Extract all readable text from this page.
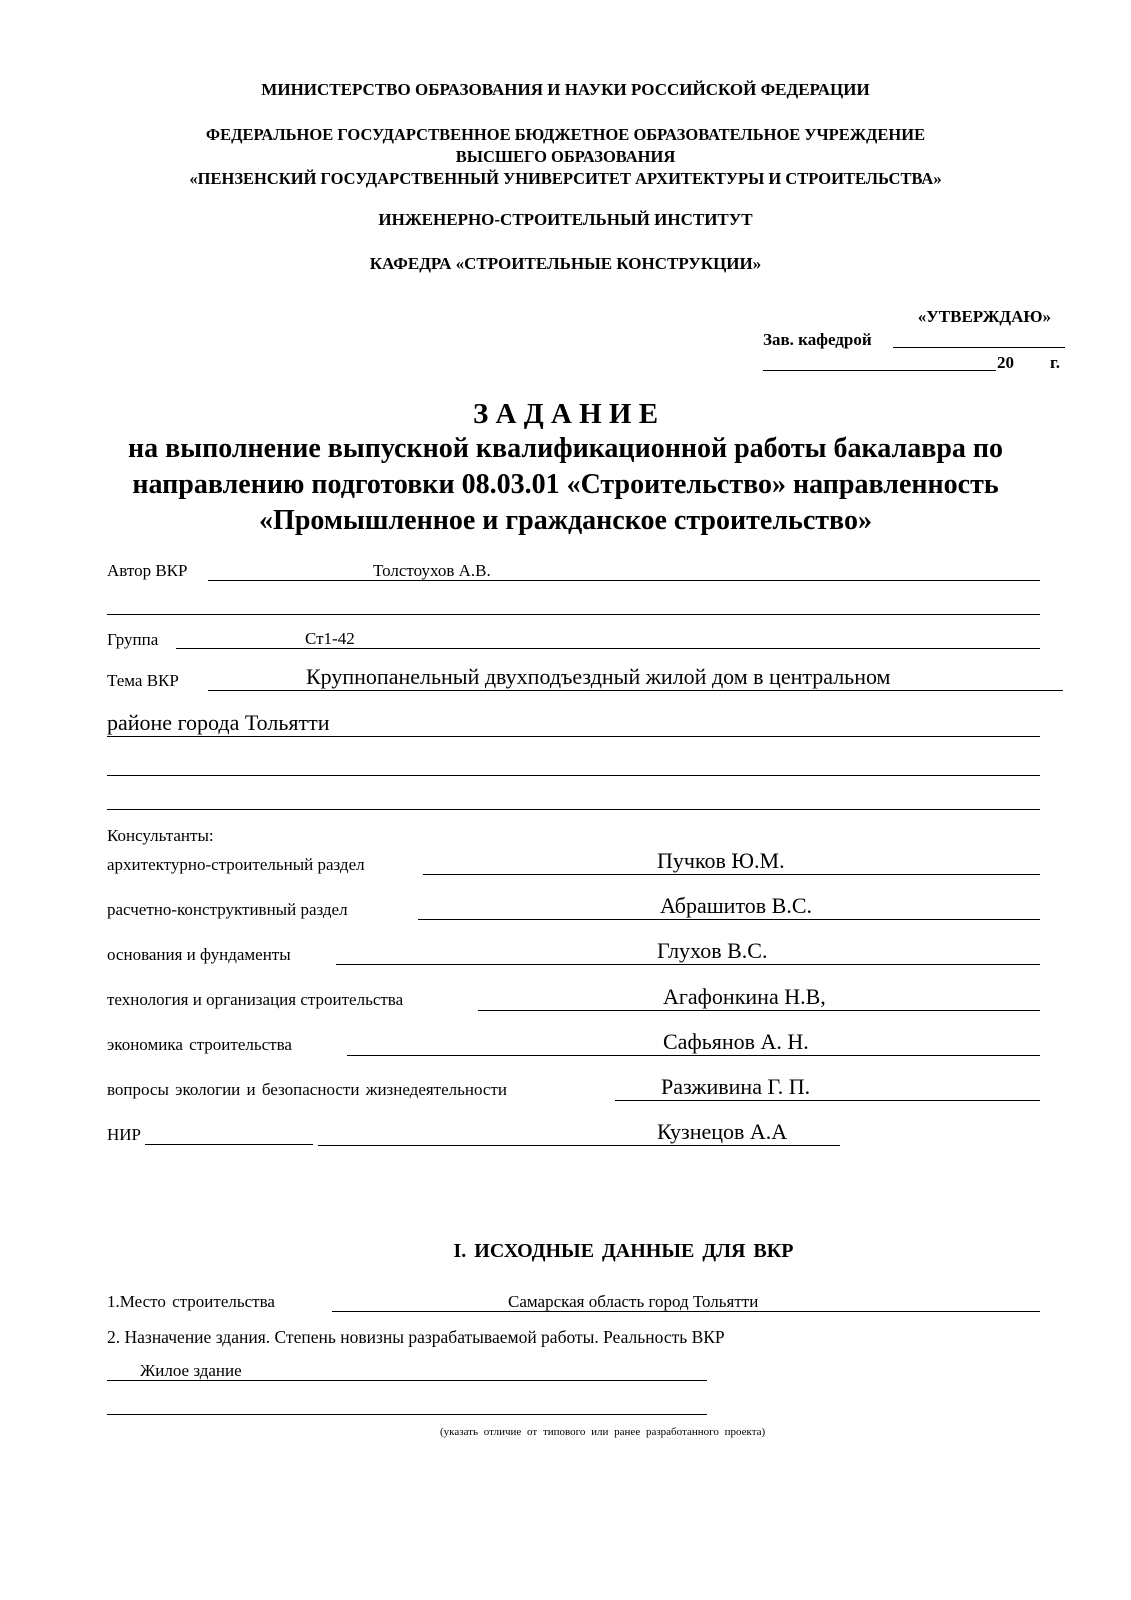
МИНИСТЕРСТВО ОБРАЗОВАНИЯ И НАУКИ РОССИЙСКОЙ ФЕДЕРАЦИИ
ФЕДЕРАЛЬНОЕ ГОСУДАРСТВЕННОЕ БЮДЖЕТНОЕ ОБРАЗОВАТЕЛЬНОЕ УЧРЕЖДЕНИЕ
ВЫСШЕГО ОБРАЗОВАНИЯ
«ПЕНЗЕНСКИЙ ГОСУДАРСТВЕННЫЙ УНИВЕРСИТЕТ АРХИТЕКТУРЫ И СТРОИТЕЛЬСТВА»
ИНЖЕНЕРНО-СТРОИТЕЛЬНЫЙ ИНСТИТУТ
КАФЕДРА «СТРОИТЕЛЬНЫЕ КОНСТРУКЦИИ»
«УТВЕРЖДАЮ»
Зав. кафедрой
20 г.
З А Д А Н И Е
на выполнение выпускной квалификационной работы бакалавра по
направлению подготовки 08.03.01 «Строительство» направленность
«Промышленное и гражданское строительство»
Автор ВКР	Толстоухов А.В.
Группа	Ст1-42
Тема ВКР	Крупнопанельный двухподъездный жилой дом в центральном
районе города Тольятти
Консультанты:
архитектурно-строительный раздел	Пучков Ю.М.
расчетно-конструктивный раздел	Абрашитов В.С.
основания и фундаменты	Глухов В.С.
технология и организация строительства	Агафонкина Н.В,
экономика строительства	Сафьянов А. Н.
вопросы экологии и безопасности жизнедеятельности	Разживина Г. П.
НИР	Кузнецов А.А
I. ИСХОДНЫЕ ДАННЫЕ ДЛЯ ВКР
1.Место строительства	Самарская область город Тольятти
2. Назначение здания. Степень новизны разрабатываемой работы. Реальность ВКР
Жилое здание
(указать отличие от типового или ранее разработанного проекта)
